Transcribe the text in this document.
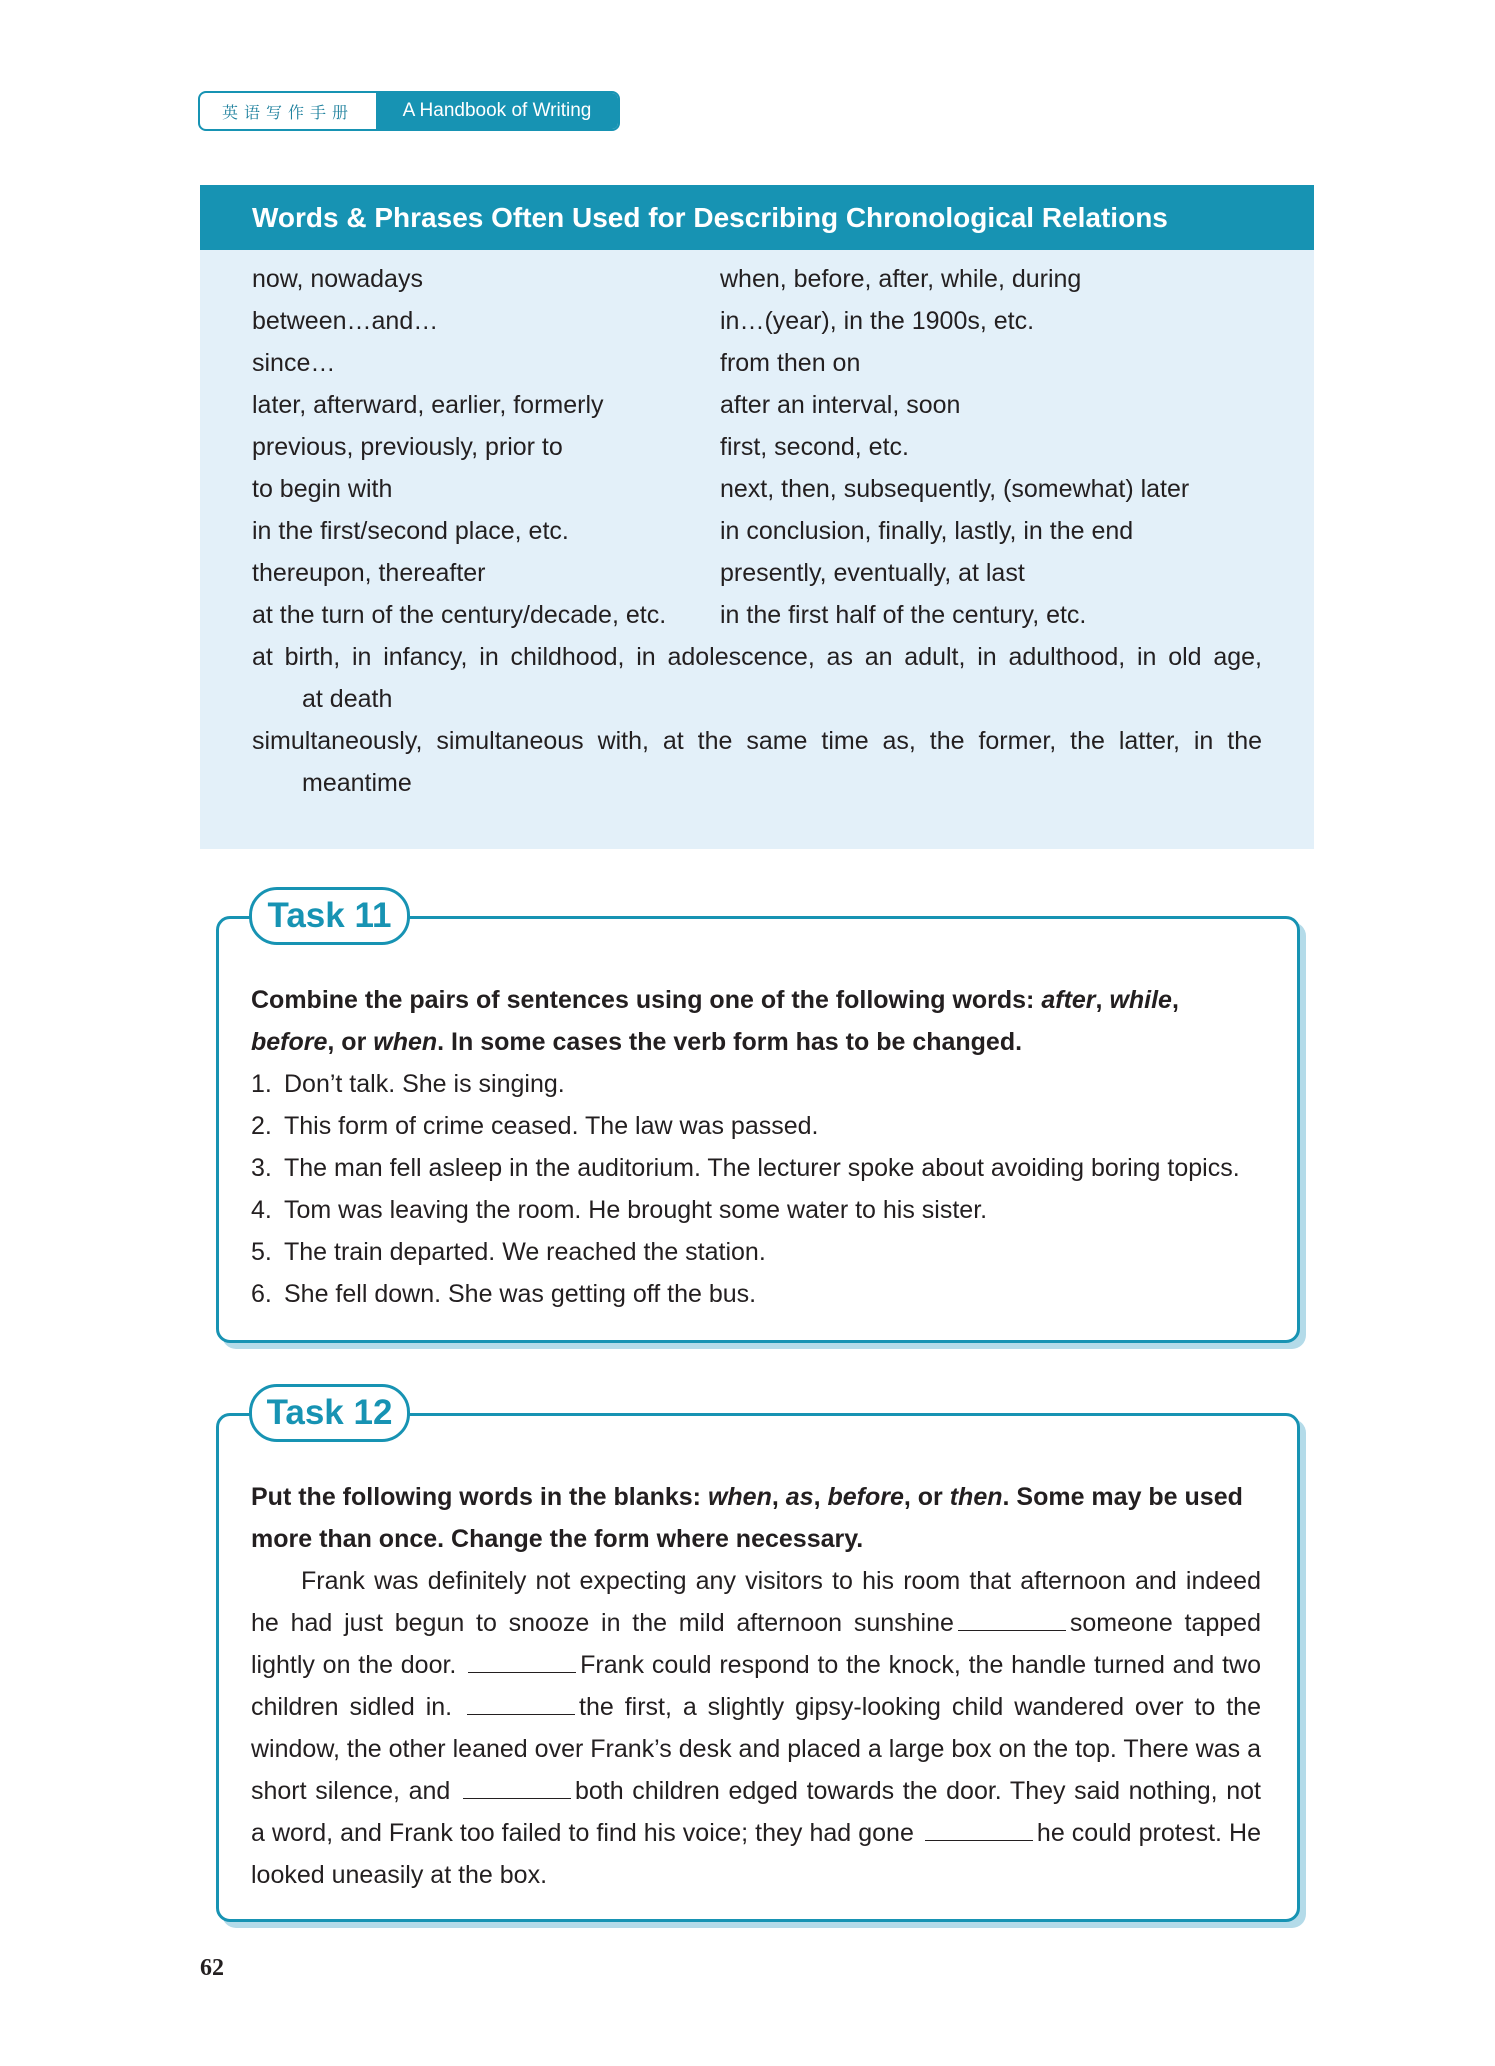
英语写作手册	A Handbook of Writing
Words & Phrases Often Used for Describing Chronological Relations
now, nowadays	when, before, after, while, during
between…and…	in…(year), in the 1900s, etc.
since…	from then on
later, afterward, earlier, formerly	after an interval, soon
previous, previously, prior to	first, second, etc.
to begin with	next, then, subsequently, (somewhat) later
in the first/second place, etc.	in conclusion, finally, lastly, in the end
thereupon, thereafter	presently, eventually, at last
at the turn of the century/decade, etc.	in the first half of the century, etc.
at birth, in infancy, in childhood, in adolescence, as an adult, in adulthood, in old age,
at death
simultaneously, simultaneous with, at the same time as, the former, the latter, in the
meantime
Task 11
Combine the pairs of sentences using one of the following words: after, while, before, or when. In some cases the verb form has to be changed.
1. Don’t talk. She is singing.
2. This form of crime ceased. The law was passed.
3. The man fell asleep in the auditorium. The lecturer spoke about avoiding boring topics.
4. Tom was leaving the room. He brought some water to his sister.
5. The train departed. We reached the station.
6. She fell down. She was getting off the bus.
Task 12
Put the following words in the blanks: when, as, before, or then. Some may be used more than once. Change the form where necessary.
Frank was definitely not expecting any visitors to his room that afternoon and indeed he had just begun to snooze in the mild afternoon sunshine	someone tapped lightly on the door.	Frank could respond to the knock, the handle turned and two children sidled in.	the first, a slightly gipsy-looking child wandered over to the window, the other leaned over Frank’s desk and placed a large box on the top. There was a short silence, and	both children edged towards the door. They said nothing, not a word, and Frank too failed to find his voice; they had gone	he could protest. He looked uneasily at the box.
62
